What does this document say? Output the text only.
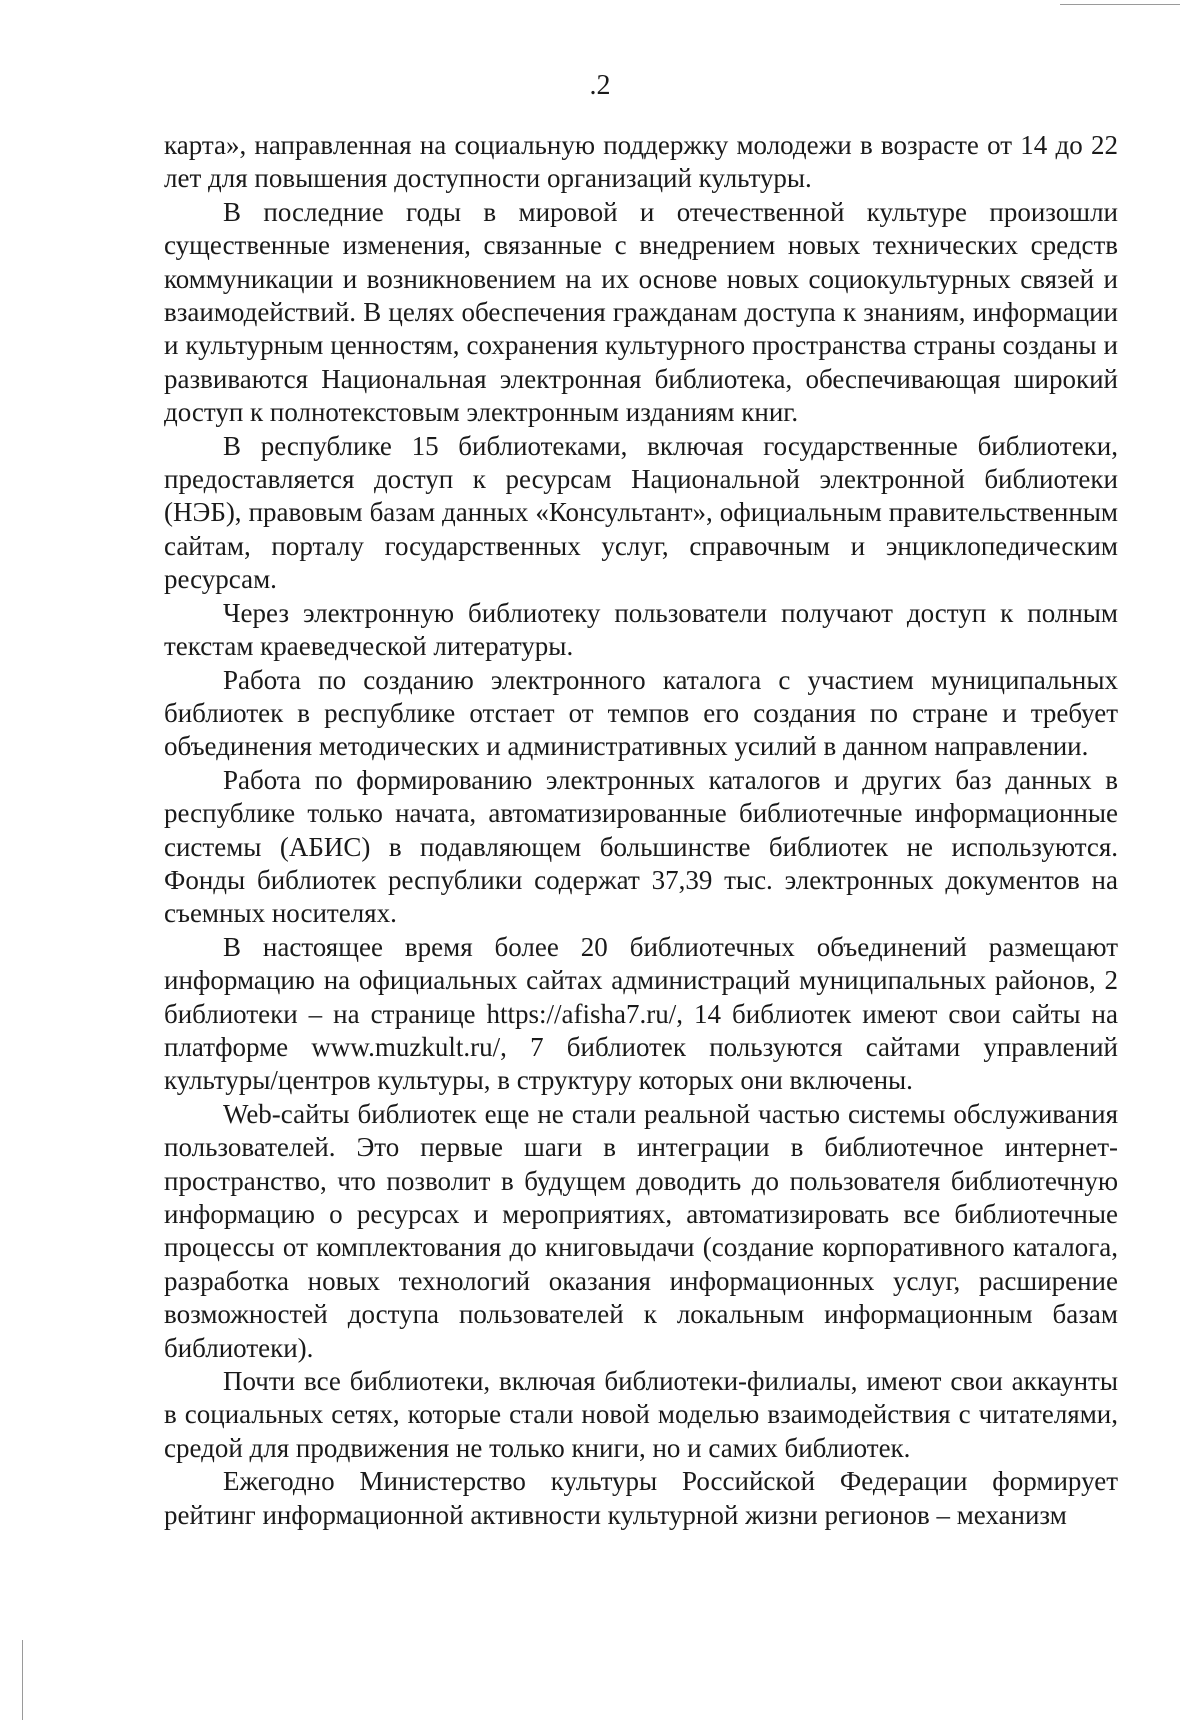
.2

карта», направленная на социальную поддержку молодежи в возрасте от 14 до 22 лет для повышения доступности организаций культуры.

В последние годы в мировой и отечественной культуре произошли существенные изменения, связанные с внедрением новых технических средств коммуникации и возникновением на их основе новых социокультурных связей и взаимодействий. В целях обеспечения гражданам доступа к знаниям, информации и культурным ценностям, сохранения культурного пространства страны созданы и развиваются Национальная электронная библиотека, обеспечивающая широкий доступ к полнотекстовым электронным изданиям книг.

В республике 15 библиотеками, включая государственные библиотеки, предоставляется доступ к ресурсам Национальной электронной библиотеки (НЭБ), правовым базам данных «Консультант», официальным правительственным сайтам, порталу государственных услуг, справочным и энциклопедическим ресурсам.

Через электронную библиотеку пользователи получают доступ к полным текстам краеведческой литературы.

Работа по созданию электронного каталога с участием муниципальных библиотек в республике отстает от темпов его создания по стране и требует объединения методических и административных усилий в данном направлении.

Работа по формированию электронных каталогов и других баз данных в республике только начата, автоматизированные библиотечные информационные системы (АБИС) в подавляющем большинстве библиотек не используются. Фонды библиотек республики содержат 37,39 тыс. электронных документов на съемных носителях.

В настоящее время более 20 библиотечных объединений размещают информацию на официальных сайтах администраций муниципальных районов, 2 библиотеки – на странице https://afisha7.ru/, 14 библиотек имеют свои сайты на платформе www.muzkult.ru/, 7 библиотек пользуются сайтами управлений культуры/центров культуры, в структуру которых они включены.

Web-сайты библиотек еще не стали реальной частью системы обслуживания пользователей. Это первые шаги в интеграции в библиотечное интернет-пространство, что позволит в будущем доводить до пользователя библиотечную информацию о ресурсах и мероприятиях, автоматизировать все библиотечные процессы от комплектования до книговыдачи (создание корпоративного каталога, разработка новых технологий оказания информационных услуг, расширение возможностей доступа пользователей к локальным информационным базам библиотеки).

Почти все библиотеки, включая библиотеки-филиалы, имеют свои аккаунты в социальных сетях, которые стали новой моделью взаимодействия с читателями, средой для продвижения не только книги, но и самих библиотек.

Ежегодно Министерство культуры Российской Федерации формирует рейтинг информационной активности культурной жизни регионов – механизм
